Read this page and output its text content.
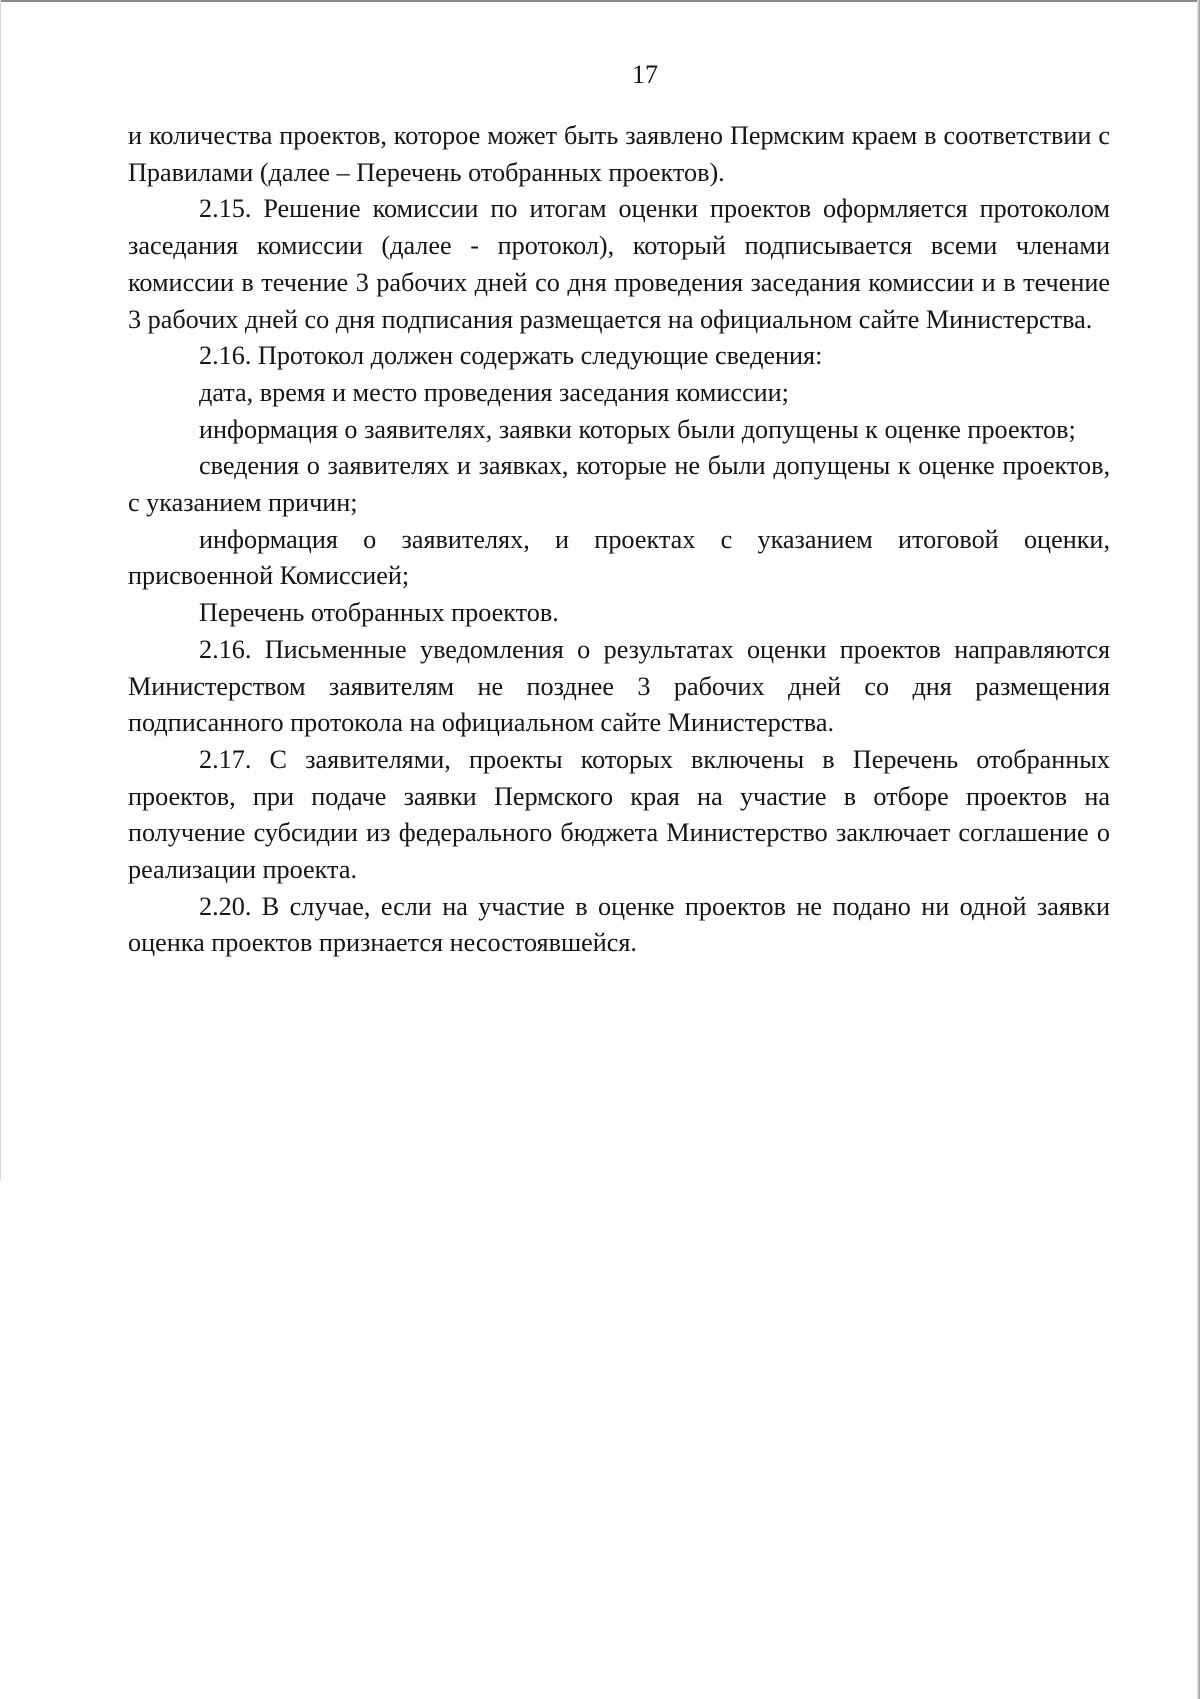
17

и количества проектов, которое может быть заявлено Пермским краем в соответствии с Правилами (далее – Перечень отобранных проектов).

2.15. Решение комиссии по итогам оценки проектов оформляется протоколом заседания комиссии (далее - протокол), который подписывается всеми членами комиссии в течение 3 рабочих дней со дня проведения заседания комиссии и в течение 3 рабочих дней со дня подписания размещается на официальном сайте Министерства.

2.16. Протокол должен содержать следующие сведения:

дата, время и место проведения заседания комиссии;

информация о заявителях, заявки которых были допущены к оценке проектов;

сведения о заявителях и заявках, которые не были допущены к оценке проектов, с указанием причин;

информация о заявителях, и проектах с указанием итоговой оценки, присвоенной Комиссией;

Перечень отобранных проектов.

2.16. Письменные уведомления о результатах оценки проектов направляются Министерством заявителям не позднее 3 рабочих дней со дня размещения подписанного протокола на официальном сайте Министерства.

2.17. С заявителями, проекты которых включены в Перечень отобранных проектов, при подаче заявки Пермского края на участие в отборе проектов на получение субсидии из федерального бюджета Министерство заключает соглашение о реализации проекта.

2.20. В случае, если на участие в оценке проектов не подано ни одной заявки оценка проектов признается несостоявшейся.
